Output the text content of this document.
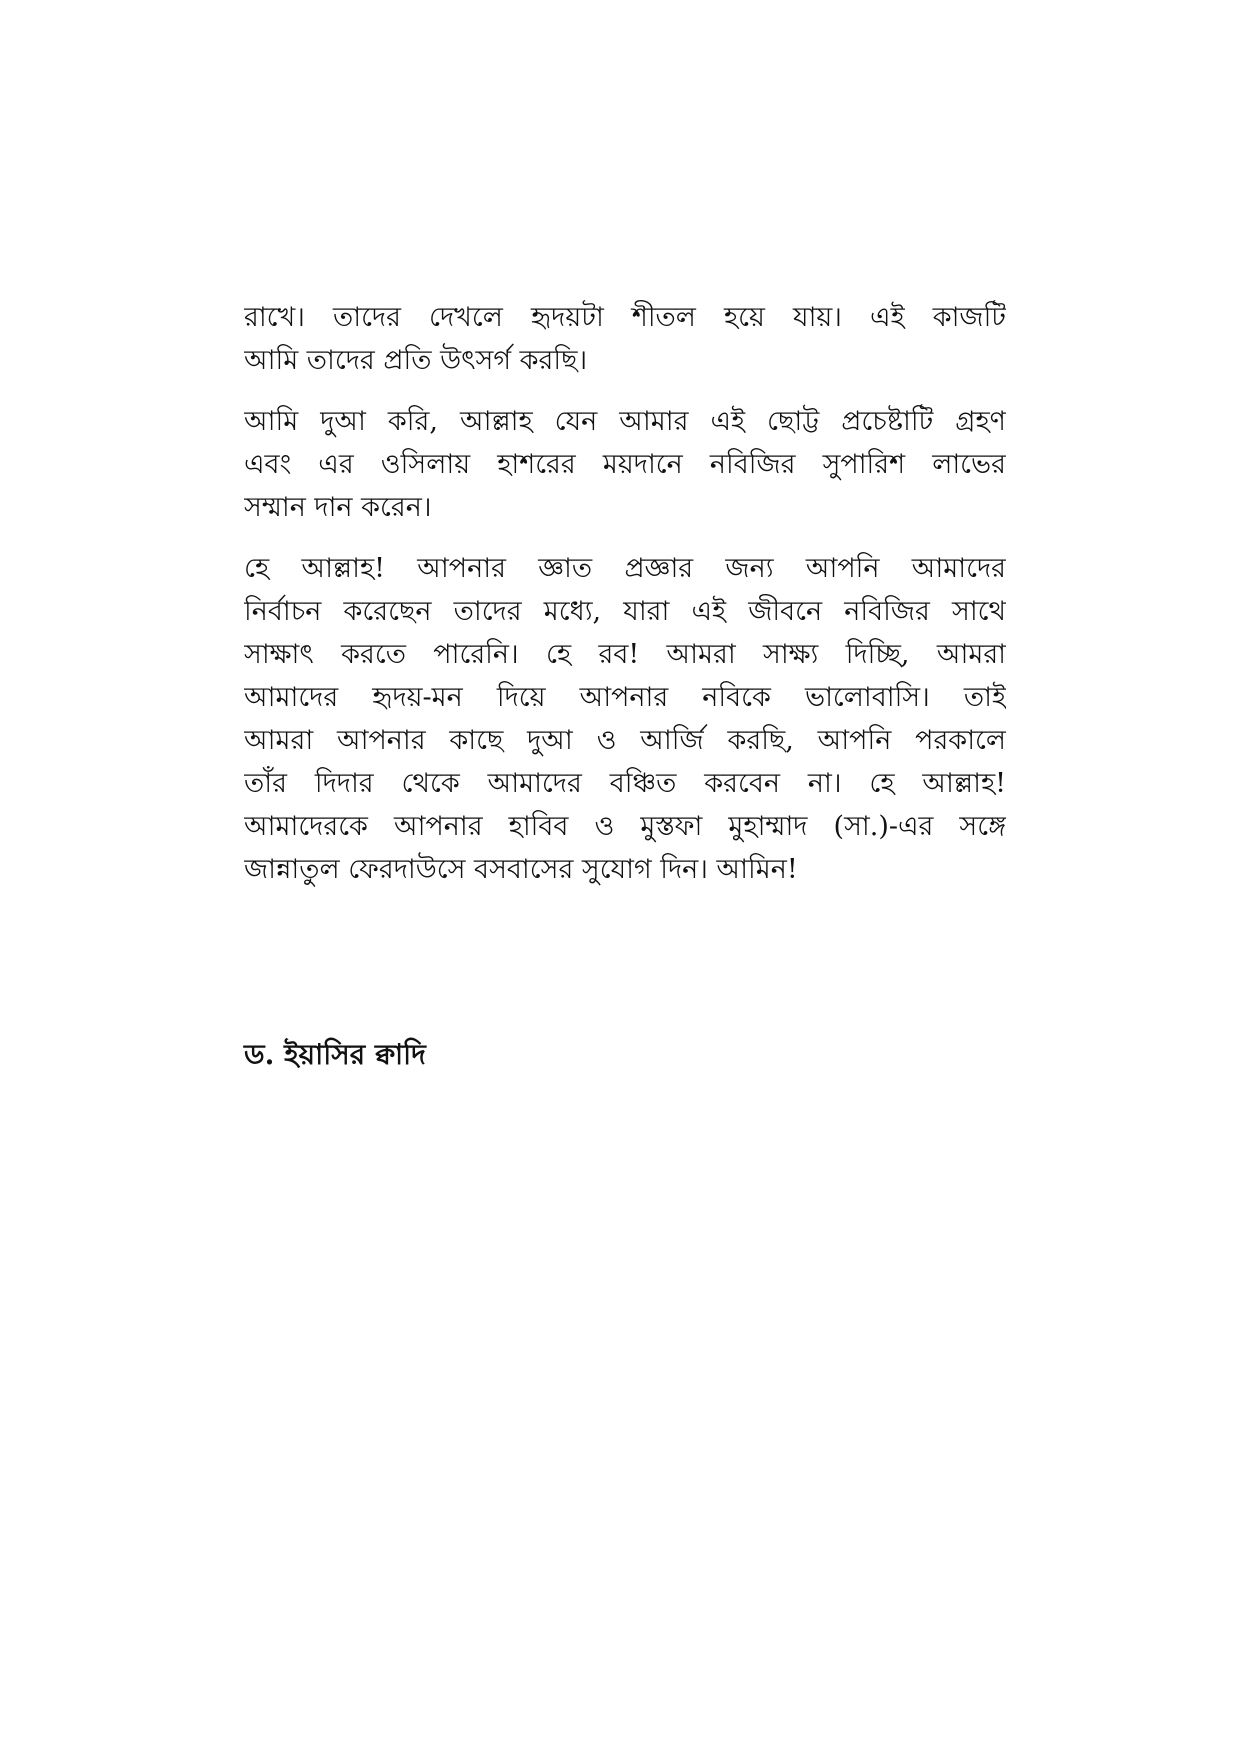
রাখে। তাদের দেখলে হৃদয়টা শীতল হয়ে যায়। এই কাজটি
আমি তাদের প্রতি উৎসর্গ করছি।
আমি দুআ করি, আল্লাহ যেন আমার এই ছোট্ট প্রচেষ্টাটি গ্রহণ
এবং এর ওসিলায় হাশরের ময়দানে নবিজির সুপারিশ লাভের
সম্মান দান করেন।
হে আল্লাহ! আপনার জ্ঞাত প্রজ্ঞার জন্য আপনি আমাদের
নির্বাচন করেছেন তাদের মধ্যে, যারা এই জীবনে নবিজির সাথে
সাক্ষাৎ করতে পারেনি। হে রব! আমরা সাক্ষ্য দিচ্ছি, আমরা
আমাদের হৃদয়-মন দিয়ে আপনার নবিকে ভালোবাসি। তাই
আমরা আপনার কাছে দুআ ও আর্জি করছি, আপনি পরকালে
তাঁর দিদার থেকে আমাদের বঞ্চিত করবেন না। হে আল্লাহ!
আমাদেরকে আপনার হাবিব ও মুস্তফা মুহাম্মাদ (সা.)-এর সঙ্গে
জান্নাতুল ফেরদাউসে বসবাসের সুযোগ দিন। আমিন!
ড. ইয়াসির ক্বাদি
